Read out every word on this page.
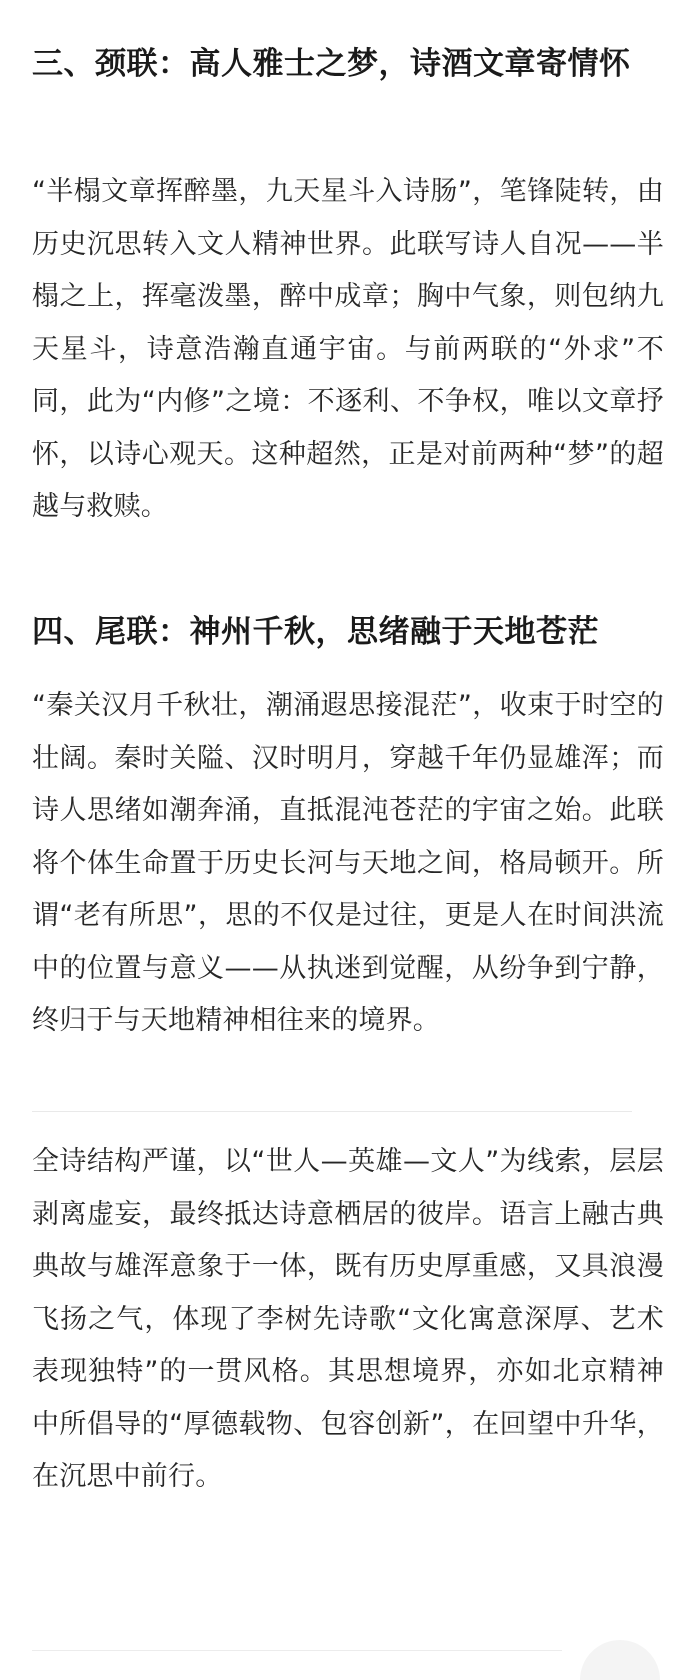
三、颈联：高人雅士之梦，诗酒文章寄情怀

“半榻文章挥醉墨，九天星斗入诗肠”，笔锋陡转，由历史沉思转入文人精神世界。此联写诗人自况——半榻之上，挥毫泼墨，醉中成章；胸中气象，则包纳九天星斗，诗意浩瀚直通宇宙。与前两联的“外求”不同，此为“内修”之境：不逐利、不争权，唯以文章抒怀，以诗心观天。这种超然，正是对前两种“梦”的超越与救赎。

四、尾联：神州千秋，思绪融于天地苍茫

“秦关汉月千秋壮，潮涌遐思接混茫”，收束于时空的壮阔。秦时关隘、汉时明月，穿越千年仍显雄浑；而诗人思绪如潮奔涌，直抵混沌苍茫的宇宙之始。此联将个体生命置于历史长河与天地之间，格局顿开。所谓“老有所思”，思的不仅是过往，更是人在时间洪流中的位置与意义——从执迷到觉醒，从纷争到宁静，终归于与天地精神相往来的境界。

全诗结构严谨，以“世人—英雄—文人”为线索，层层剥离虚妄，最终抵达诗意栖居的彼岸。语言上融古典典故与雄浑意象于一体，既有历史厚重感，又具浪漫飞扬之气，体现了李树先诗歌“文化寓意深厚、艺术表现独特”的一贯风格。其思想境界，亦如北京精神中所倡导的“厚德载物、包容创新”，在回望中升华，在沉思中前行。
